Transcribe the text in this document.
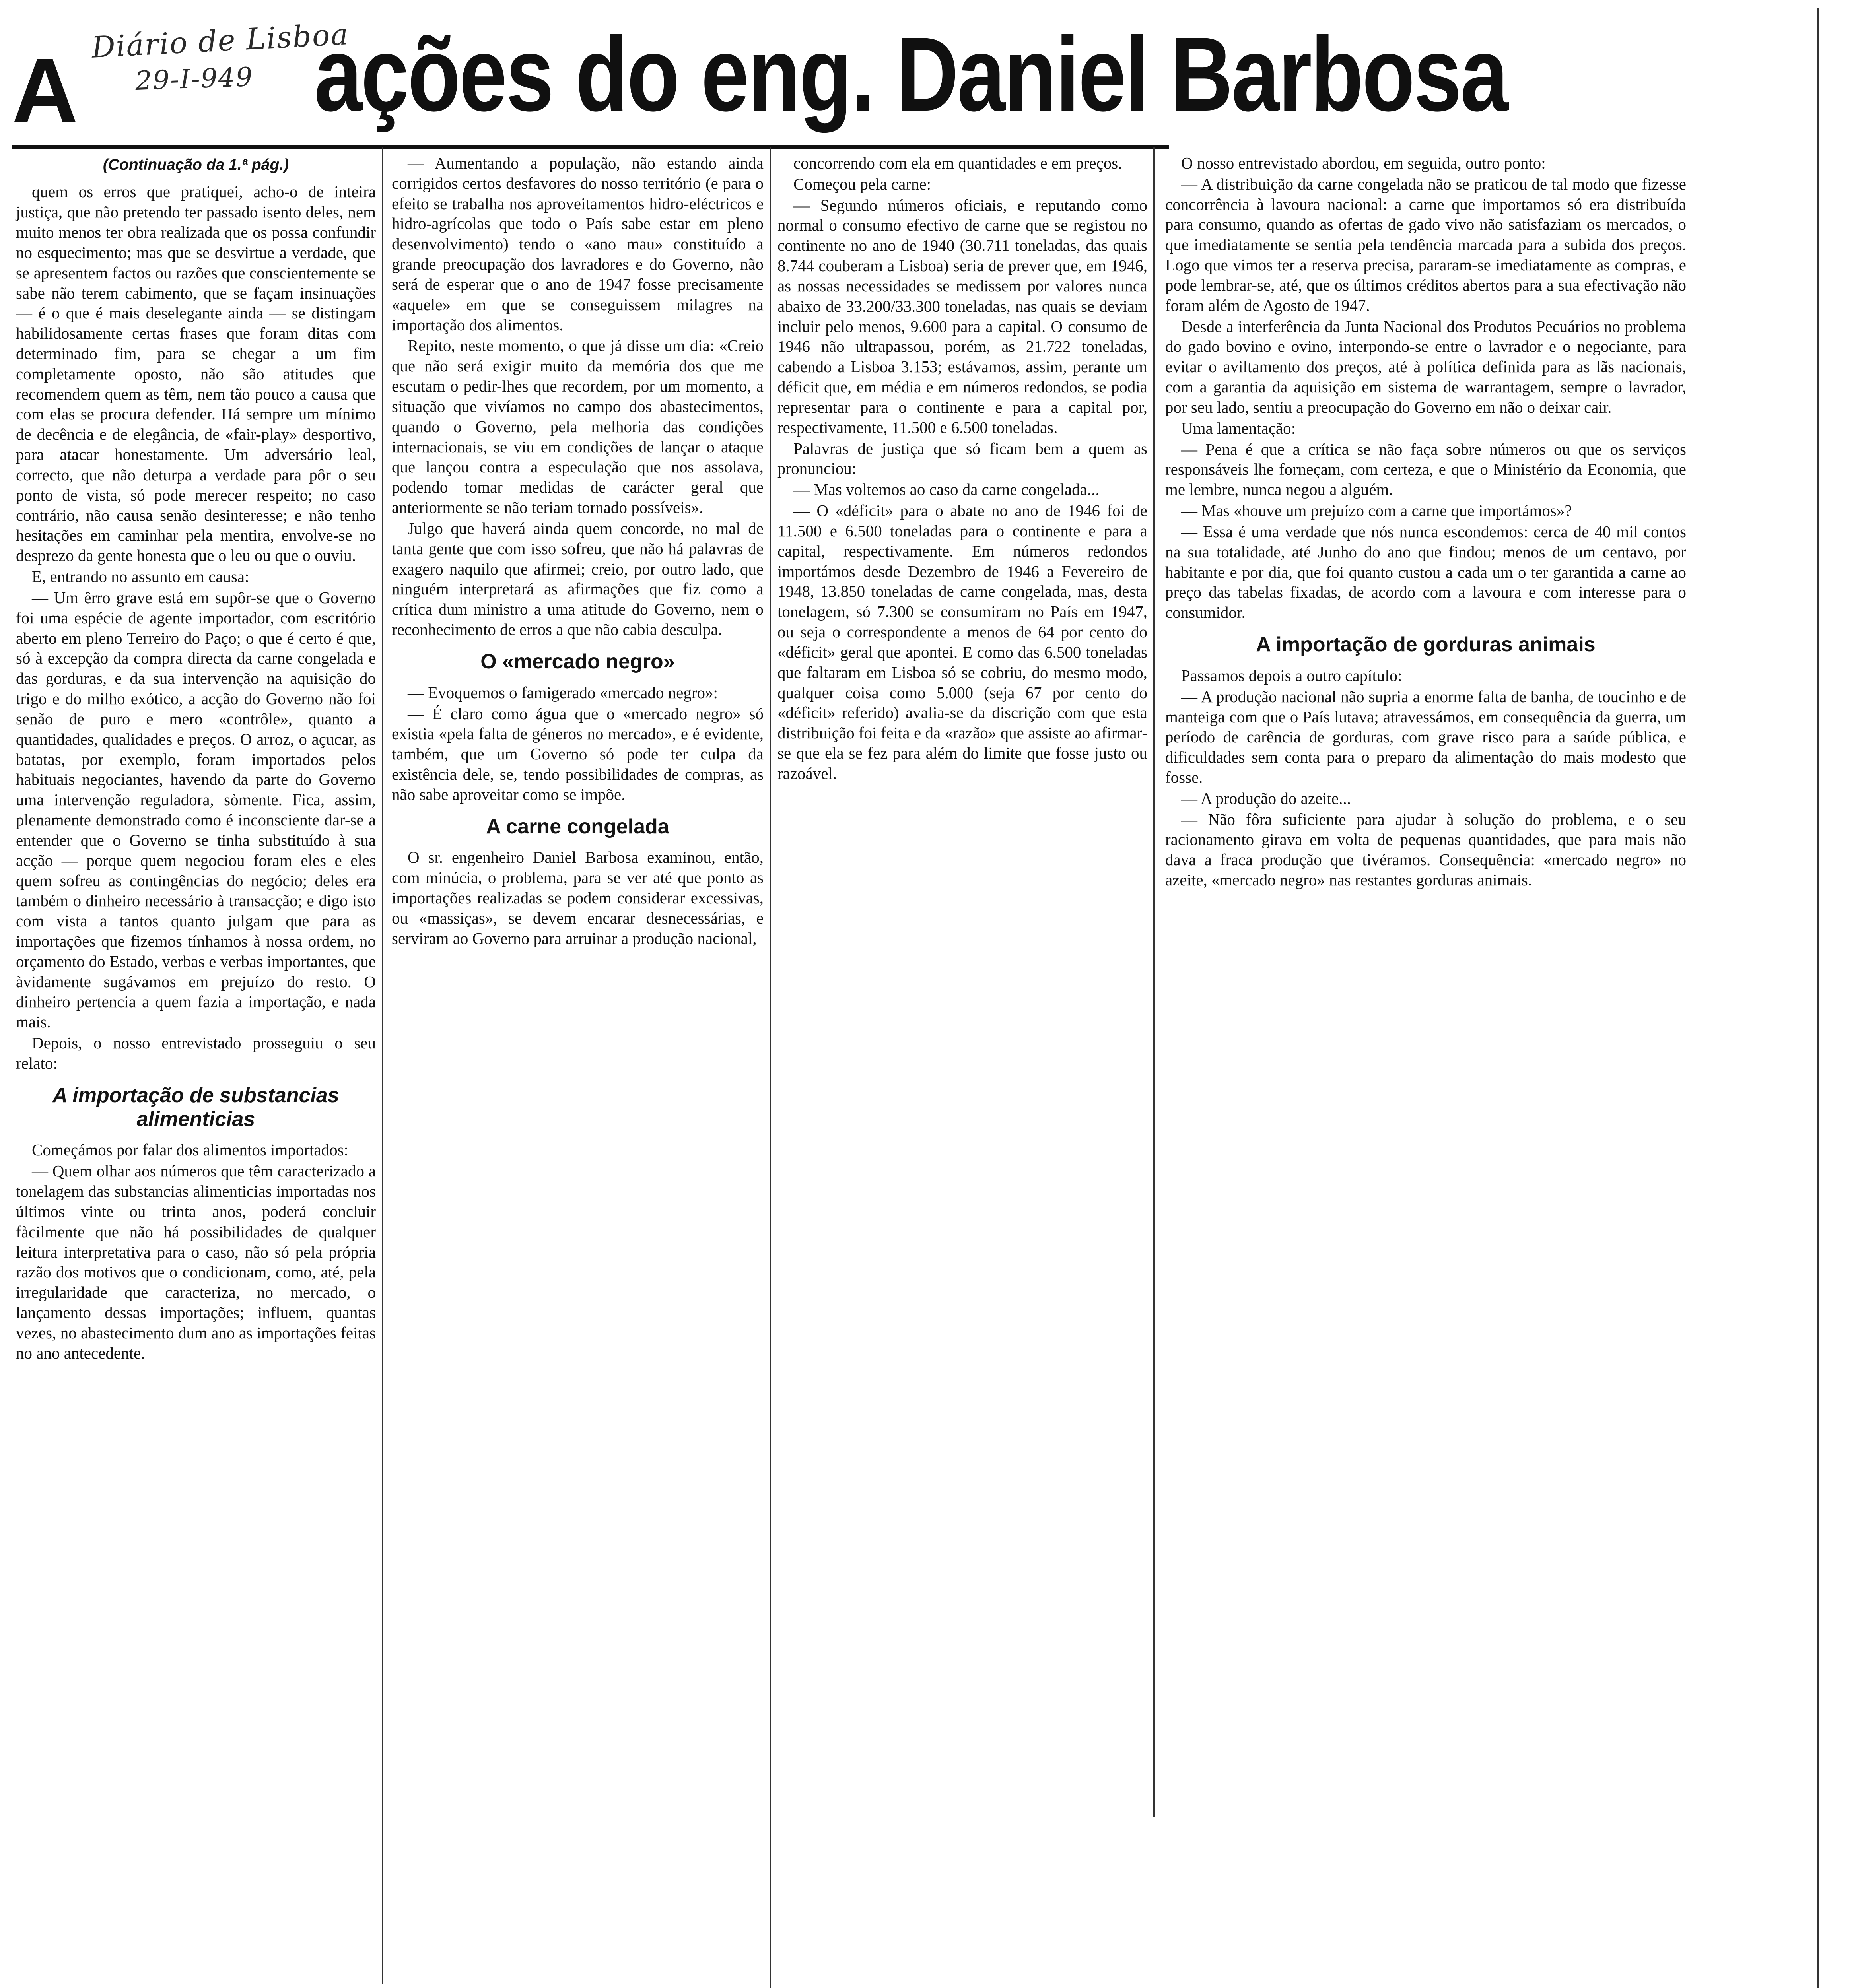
A Diário de Lisboa
29-I-949 ações do eng. Daniel Barbosa

(Continuação da 1.ª pág.)

quem os erros que pratiquei, acho-o de inteira justiça, que não pretendo ter passado isento deles, nem muito menos ter obra realizada que os possa confundir no esquecimento; mas que se desvirtue a verdade, que se apresentem factos ou razões que conscientemente se sabe não terem cabimento, que se façam insinuações — é o que é mais deselegante ainda — se distingam habilidosamente certas frases que foram ditas com determinado fim, para se chegar a um fim completamente oposto, não são atitudes que recomendem quem as têm, nem tão pouco a causa que com elas se procura defender. Há sempre um mínimo de decência e de elegância, de «fair-play» desportivo, para atacar honestamente. Um adversário leal, correcto, que não deturpa a verdade para pôr o seu ponto de vista, só pode merecer respeito; no caso contrário, não causa senão desinteresse; e não tenho hesitações em caminhar pela mentira, envolve-se no desprezo da gente honesta que o leu ou que o ouviu.

E, entrando no assunto em causa:

— Um êrro grave está em supôr-se que o Governo foi uma espécie de agente importador, com escritório aberto em pleno Terreiro do Paço; o que é certo é que, só à excepção da compra directa da carne congelada e das gorduras, e da sua intervenção na aquisição do trigo e do milho exótico, a acção do Governo não foi senão de puro e mero «contrôle», quanto a quantidades, qualidades e preços. O arroz, o açucar, as batatas, por exemplo, foram importados pelos habituais negociantes, havendo da parte do Governo uma intervenção reguladora, sòmente. Fica, assim, plenamente demonstrado como é inconsciente dar-se a entender que o Governo se tinha substituído à sua acção — porque quem negociou foram eles e eles quem sofreu as contingências do negócio; deles era também o dinheiro necessário à transacção; e digo isto com vista a tantos quanto julgam que para as importações que fizemos tínhamos à nossa ordem, no orçamento do Estado, verbas e verbas importantes, que àvidamente sugávamos em prejuízo do resto. O dinheiro pertencia a quem fazia a importação, e nada mais.

Depois, o nosso entrevistado prosseguiu o seu relato:

A importação de substancias alimenticias

Começámos por falar dos alimentos importados:

— Quem olhar aos números que têm caracterizado a tonelagem das substancias alimenticias importadas nos últimos vinte ou trinta anos, poderá concluir fàcilmente que não há possibilidades de qualquer leitura interpretativa para o caso, não só pela própria razão dos motivos que o condicionam, como, até, pela irregularidade que caracteriza, no mercado, o lançamento dessas importações; influem, quantas vezes, no abastecimento dum ano as importações feitas no ano antecedente.

— Aumentando a população, não estando ainda corrigidos certos desfavores do nosso território (e para o efeito se trabalha nos aproveitamentos hidro-eléctricos e hidro-agrícolas que todo o País sabe estar em pleno desenvolvimento) tendo o «ano mau» constituído a grande preocupação dos lavradores e do Governo, não será de esperar que o ano de 1947 fosse precisamente «aquele» em que se conseguissem milagres na importação dos alimentos.

Repito, neste momento, o que já disse um dia: «Creio que não será exigir muito da memória dos que me escutam o pedir-lhes que recordem, por um momento, a situação que vivíamos no campo dos abastecimentos, quando o Governo, pela melhoria das condições internacionais, se viu em condições de lançar o ataque que lançou contra a especulação que nos assolava, podendo tomar medidas de carácter geral que anteriormente se não teriam tornado possíveis».

Julgo que haverá ainda quem concorde, no mal de tanta gente que com isso sofreu, que não há palavras de exagero naquilo que afirmei; creio, por outro lado, que ninguém interpretará as afirmações que fiz como a crítica dum ministro a uma atitude do Governo, nem o reconhecimento de erros a que não cabia desculpa.

O «mercado negro»

— Evoquemos o famigerado «mercado negro»:

— É claro como água que o «mercado negro» só existia «pela falta de géneros no mercado», e é evidente, também, que um Governo só pode ter culpa da existência dele, se, tendo possibilidades de compras, as não sabe aproveitar como se impõe.

A carne congelada

O sr. engenheiro Daniel Barbosa examinou, então, com minúcia, o problema, para se ver até que ponto as importações realizadas se podem considerar excessivas, ou «massiças», se devem encarar desnecessárias, e serviram ao Governo para arruinar a produção nacional,

concorrendo com ela em quantidades e em preços.

Começou pela carne:

— Segundo números oficiais, e reputando como normal o consumo efectivo de carne que se registou no continente no ano de 1940 (30.711 toneladas, das quais 8.744 couberam a Lisboa) seria de prever que, em 1946, as nossas necessidades se medissem por valores nunca abaixo de 33.200/33.300 toneladas, nas quais se deviam incluir pelo menos, 9.600 para a capital. O consumo de 1946 não ultrapassou, porém, as 21.722 toneladas, cabendo a Lisboa 3.153; estávamos, assim, perante um déficit que, em média e em números redondos, se podia representar para o continente e para a capital por, respectivamente, 11.500 e 6.500 toneladas.

Palavras de justiça que só ficam bem a quem as pronunciou:

— Mas voltemos ao caso da carne congelada...

— O «déficit» para o abate no ano de 1946 foi de 11.500 e 6.500 toneladas para o continente e para a capital, respectivamente. Em números redondos importámos desde Dezembro de 1946 a Fevereiro de 1948, 13.850 toneladas de carne congelada, mas, desta tonelagem, só 7.300 se consumiram no País em 1947, ou seja o correspondente a menos de 64 por cento do «déficit» geral que apontei. E como das 6.500 toneladas que faltaram em Lisboa só se cobriu, do mesmo modo, qualquer coisa como 5.000 (seja 67 por cento do «déficit» referido) avalia-se da discrição com que esta distribuição foi feita e da «razão» que assiste ao afirmar-se que ela se fez para além do limite que fosse justo ou razoável.

O nosso entrevistado abordou, em seguida, outro ponto:

— A distribuição da carne congelada não se praticou de tal modo que fizesse concorrência à lavoura nacional: a carne que importamos só era distribuída para consumo, quando as ofertas de gado vivo não satisfaziam os mercados, o que imediatamente se sentia pela tendência marcada para a subida dos preços. Logo que vimos ter a reserva precisa, pararam-se imediatamente as compras, e pode lembrar-se, até, que os últimos créditos abertos para a sua efectivação não foram além de Agosto de 1947.

Desde a interferência da Junta Nacional dos Produtos Pecuários no problema do gado bovino e ovino, interpondo-se entre o lavrador e o negociante, para evitar o aviltamento dos preços, até à política definida para as lãs nacionais, com a garantia da aquisição em sistema de warrantagem, sempre o lavrador, por seu lado, sentiu a preocupação do Governo em não o deixar cair.

Uma lamentação:

— Pena é que a crítica se não faça sobre números ou que os serviços responsáveis lhe forneçam, com certeza, e que o Ministério da Economia, que me lembre, nunca negou a alguém.

— Mas «houve um prejuízo com a carne que importámos»?

— Essa é uma verdade que nós nunca escondemos: cerca de 40 mil contos na sua totalidade, até Junho do ano que findou; menos de um centavo, por habitante e por dia, que foi quanto custou a cada um o ter garantida a carne ao preço das tabelas fixadas, de acordo com a lavoura e com interesse para o consumidor.

A importação de gorduras animais

Passamos depois a outro capítulo:

— A produção nacional não supria a enorme falta de banha, de toucinho e de manteiga com que o País lutava; atravessámos, em consequência da guerra, um período de carência de gorduras, com grave risco para a saúde pública, e dificuldades sem conta para o preparo da alimentação do mais modesto que fosse.

— A produção do azeite...

— Não fôra suficiente para ajudar à solução do problema, e o seu racionamento girava em volta de pequenas quantidades, que para mais não dava a fraca produção que tivéramos. Consequência: «mercado negro» no azeite, «mercado negro» nas restantes gorduras animais.
